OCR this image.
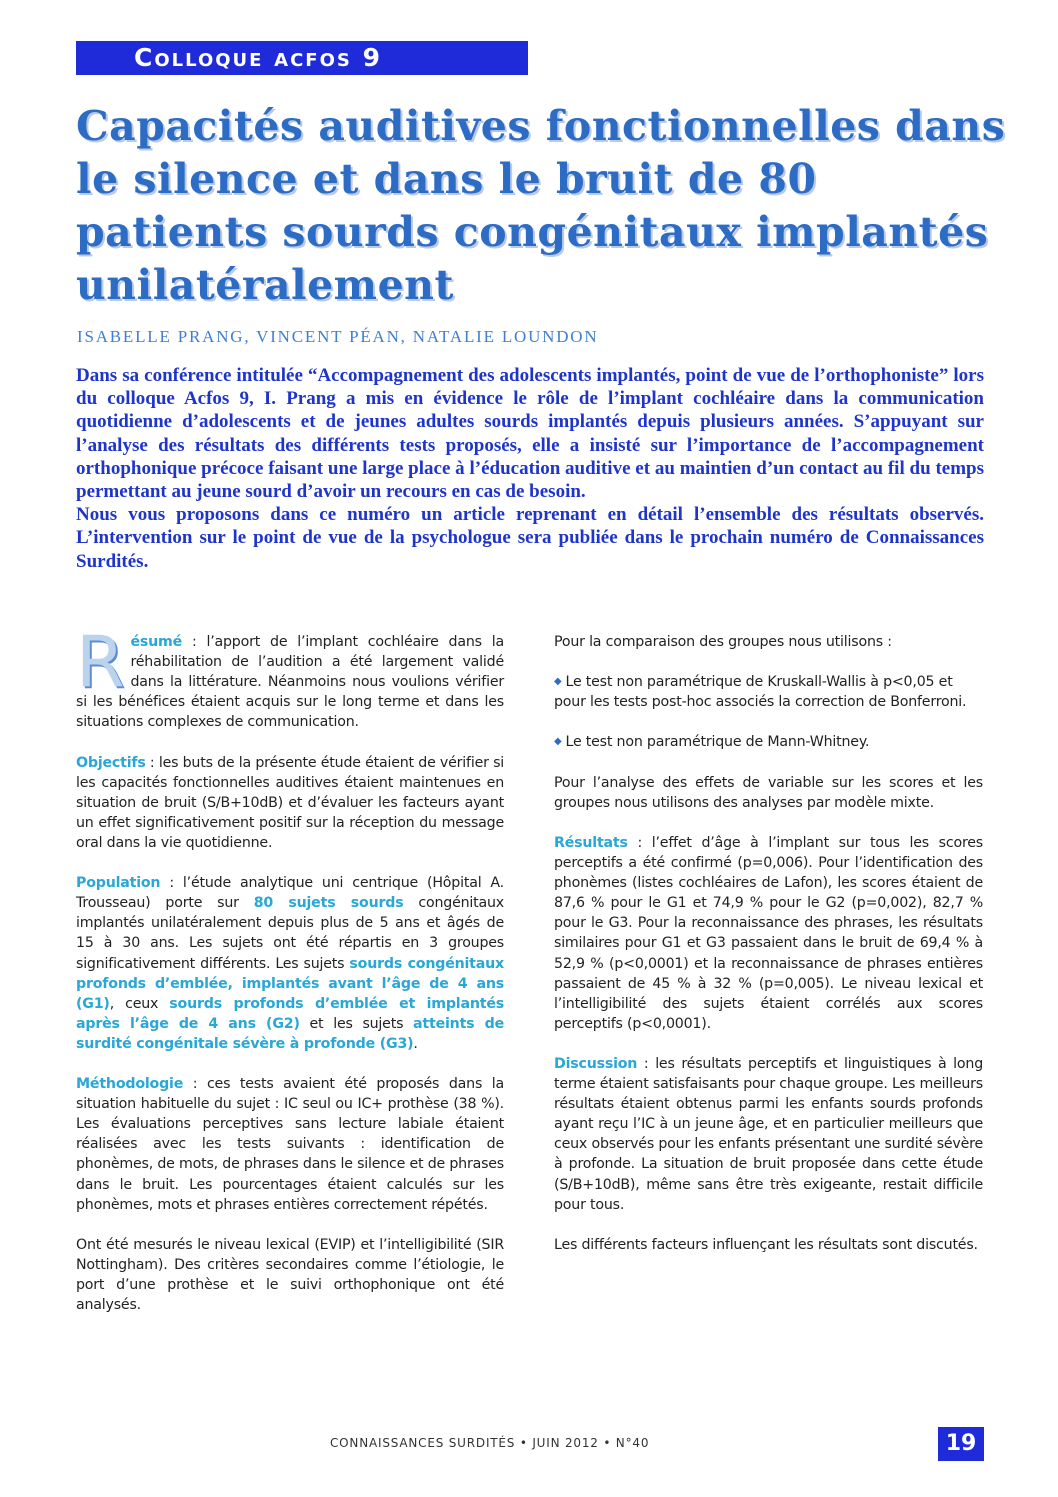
Colloque acfos 9
Capacités auditives fonctionnelles dans le silence et dans le bruit de 80 patients sourds congénitaux implantés unilatéralement
ISABELLE PRANG, VINCENT PÉAN, NATALIE LOUNDON

Dans sa conférence intitulée “Accompagnement des adolescents implantés, point de vue de l’orthophoniste” lors du colloque Acfos 9, I. Prang a mis en évidence le rôle de l’implant cochléaire dans la communication quotidienne d’adolescents et de jeunes adultes sourds implantés depuis plusieurs années. S’appuyant sur l’analyse des résultats des différents tests proposés, elle a insisté sur l’importance de l’accompagnement orthophonique précoce faisant une large place à l’éducation auditive et au maintien d’un contact au fil du temps permettant au jeune sourd d’avoir un recours en cas de besoin.

Nous vous proposons dans ce numéro un article reprenant en détail l’ensemble des résultats observés. L’intervention sur le point de vue de la psychologue sera publiée dans le prochain numéro de Connaissances Surdités.

Résumé : l’apport de l’implant cochléaire dans la réhabilitation de l’audition a été largement validé dans la littérature. Néanmoins nous voulions vérifier si les bénéfices étaient acquis sur le long terme et dans les situations complexes de communication.

Objectifs : les buts de la présente étude étaient de vérifier si les capacités fonctionnelles auditives étaient maintenues en situation de bruit (S/B+10dB) et d’évaluer les facteurs ayant un effet significativement positif sur la réception du message oral dans la vie quotidienne.

Population : l’étude analytique uni centrique (Hôpital A. Trousseau) porte sur 80 sujets sourds congénitaux implantés unilatéralement depuis plus de 5 ans et âgés de 15 à 30 ans. Les sujets ont été répartis en 3 groupes significativement différents. Les sujets sourds congénitaux profonds d’emblée, implantés avant l’âge de 4 ans (G1), ceux sourds profonds d’emblée et implantés après l’âge de 4 ans (G2) et les sujets atteints de surdité congénitale sévère à profonde (G3).

Méthodologie : ces tests avaient été proposés dans la situation habituelle du sujet : IC seul ou IC+ prothèse (38 %). Les évaluations perceptives sans lecture labiale étaient réalisées avec les tests suivants : identification de phonèmes, de mots, de phrases dans le silence et de phrases dans le bruit. Les pourcentages étaient calculés sur les phonèmes, mots et phrases entières correctement répétés.

Ont été mesurés le niveau lexical (EVIP) et l’intelligibilité (SIR Nottingham). Des critères secondaires comme l’étiologie, le port d’une prothèse et le suivi orthophonique ont été analysés.

Pour la comparaison des groupes nous utilisons :

◆ Le test non paramétrique de Kruskall-Wallis à p<0,05 et pour les tests post-hoc associés la correction de Bonferroni.

◆ Le test non paramétrique de Mann-Whitney.

Pour l’analyse des effets de variable sur les scores et les groupes nous utilisons des analyses par modèle mixte.

Résultats : l’effet d’âge à l’implant sur tous les scores perceptifs a été confirmé (p=0,006). Pour l’identification des phonèmes (listes cochléaires de Lafon), les scores étaient de 87,6 % pour le G1 et 74,9 % pour le G2 (p=0,002), 82,7 % pour le G3. Pour la reconnaissance des phrases, les résultats similaires pour G1 et G3 passaient dans le bruit de 69,4 % à 52,9 % (p<0,0001) et la reconnaissance de phrases entières passaient de 45 % à 32 % (p=0,005). Le niveau lexical et l’intelligibilité des sujets étaient corrélés aux scores perceptifs (p<0,0001).

Discussion : les résultats perceptifs et linguistiques à long terme étaient satisfaisants pour chaque groupe. Les meilleurs résultats étaient obtenus parmi les enfants sourds profonds ayant reçu l’IC à un jeune âge, et en particulier meilleurs que ceux observés pour les enfants présentant une surdité sévère à profonde. La situation de bruit proposée dans cette étude (S/B+10dB), même sans être très exigeante, restait difficile pour tous.

Les différents facteurs influençant les résultats sont discutés.

CONNAISSANCES SURDITÉS • JUIN 2012 • N°40	19
